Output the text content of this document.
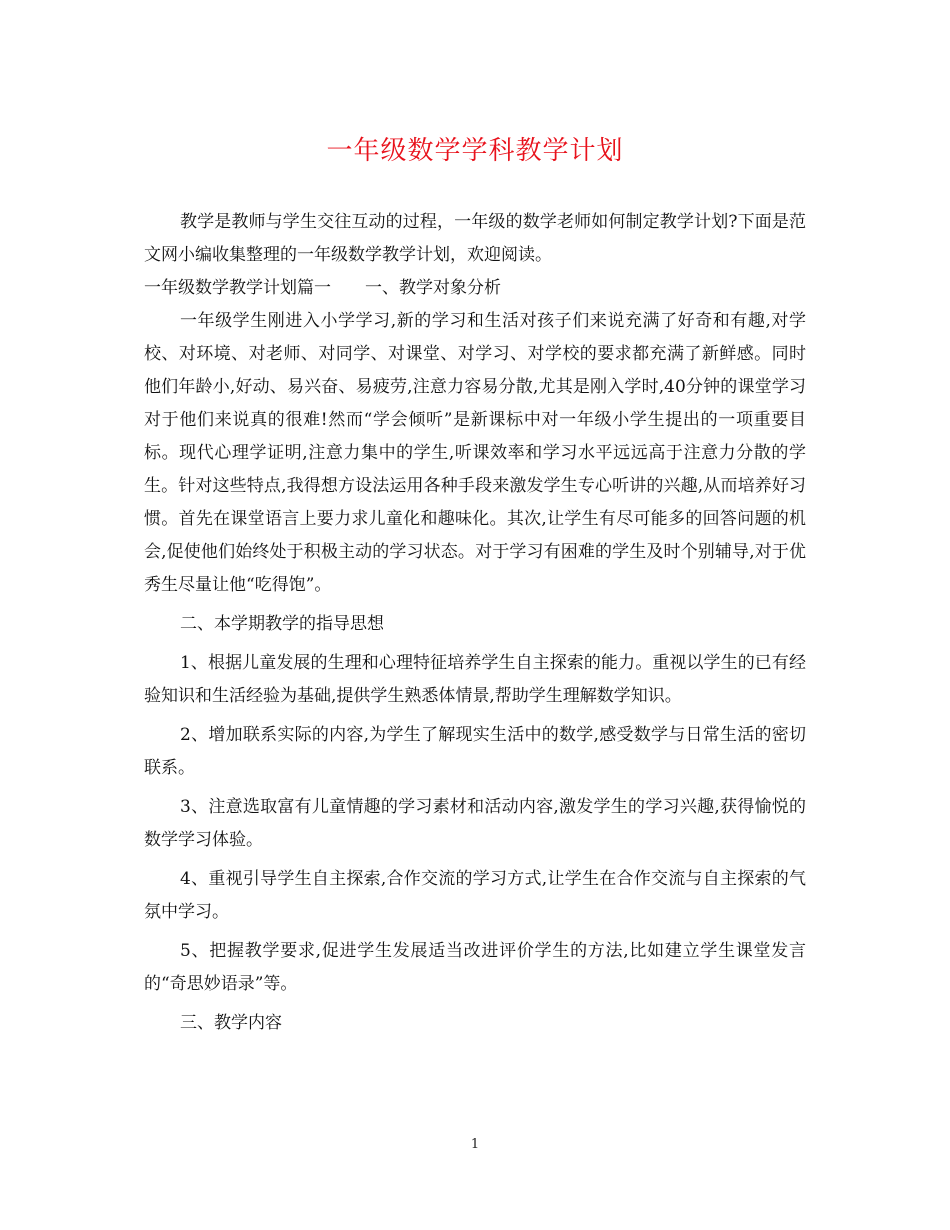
一年级数学学科教学计划

教学是教师与学生交往互动的过程，一年级的数学老师如何制定教学计划?下面是范文网小编收集整理的一年级数学教学计划，欢迎阅读。

一年级数学教学计划篇一　　一、教学对象分析

一年级学生刚进入小学学习,新的学习和生活对孩子们来说充满了好奇和有趣,对学校、对环境、对老师、对同学、对课堂、对学习、对学校的要求都充满了新鲜感。同时他们年龄小,好动、易兴奋、易疲劳,注意力容易分散,尤其是刚入学时,40分钟的课堂学习对于他们来说真的很难!然而“学会倾听”是新课标中对一年级小学生提出的一项重要目标。现代心理学证明,注意力集中的学生,听课效率和学习水平远远高于注意力分散的学生。针对这些特点,我得想方设法运用各种手段来激发学生专心听讲的兴趣,从而培养好习惯。首先在课堂语言上要力求儿童化和趣味化。其次,让学生有尽可能多的回答问题的机会,促使他们始终处于积极主动的学习状态。对于学习有困难的学生及时个别辅导,对于优秀生尽量让他“吃得饱”。

二、本学期教学的指导思想

1、根据儿童发展的生理和心理特征培养学生自主探索的能力。重视以学生的已有经验知识和生活经验为基础,提供学生熟悉体情景,帮助学生理解数学知识。

2、增加联系实际的内容,为学生了解现实生活中的数学,感受数学与日常生活的密切联系。

3、注意选取富有儿童情趣的学习素材和活动内容,激发学生的学习兴趣,获得愉悦的数学学习体验。

4、重视引导学生自主探索,合作交流的学习方式,让学生在合作交流与自主探索的气氛中学习。

5、把握教学要求,促进学生发展适当改进评价学生的方法,比如建立学生课堂发言的“奇思妙语录”等。

三、教学内容

1
